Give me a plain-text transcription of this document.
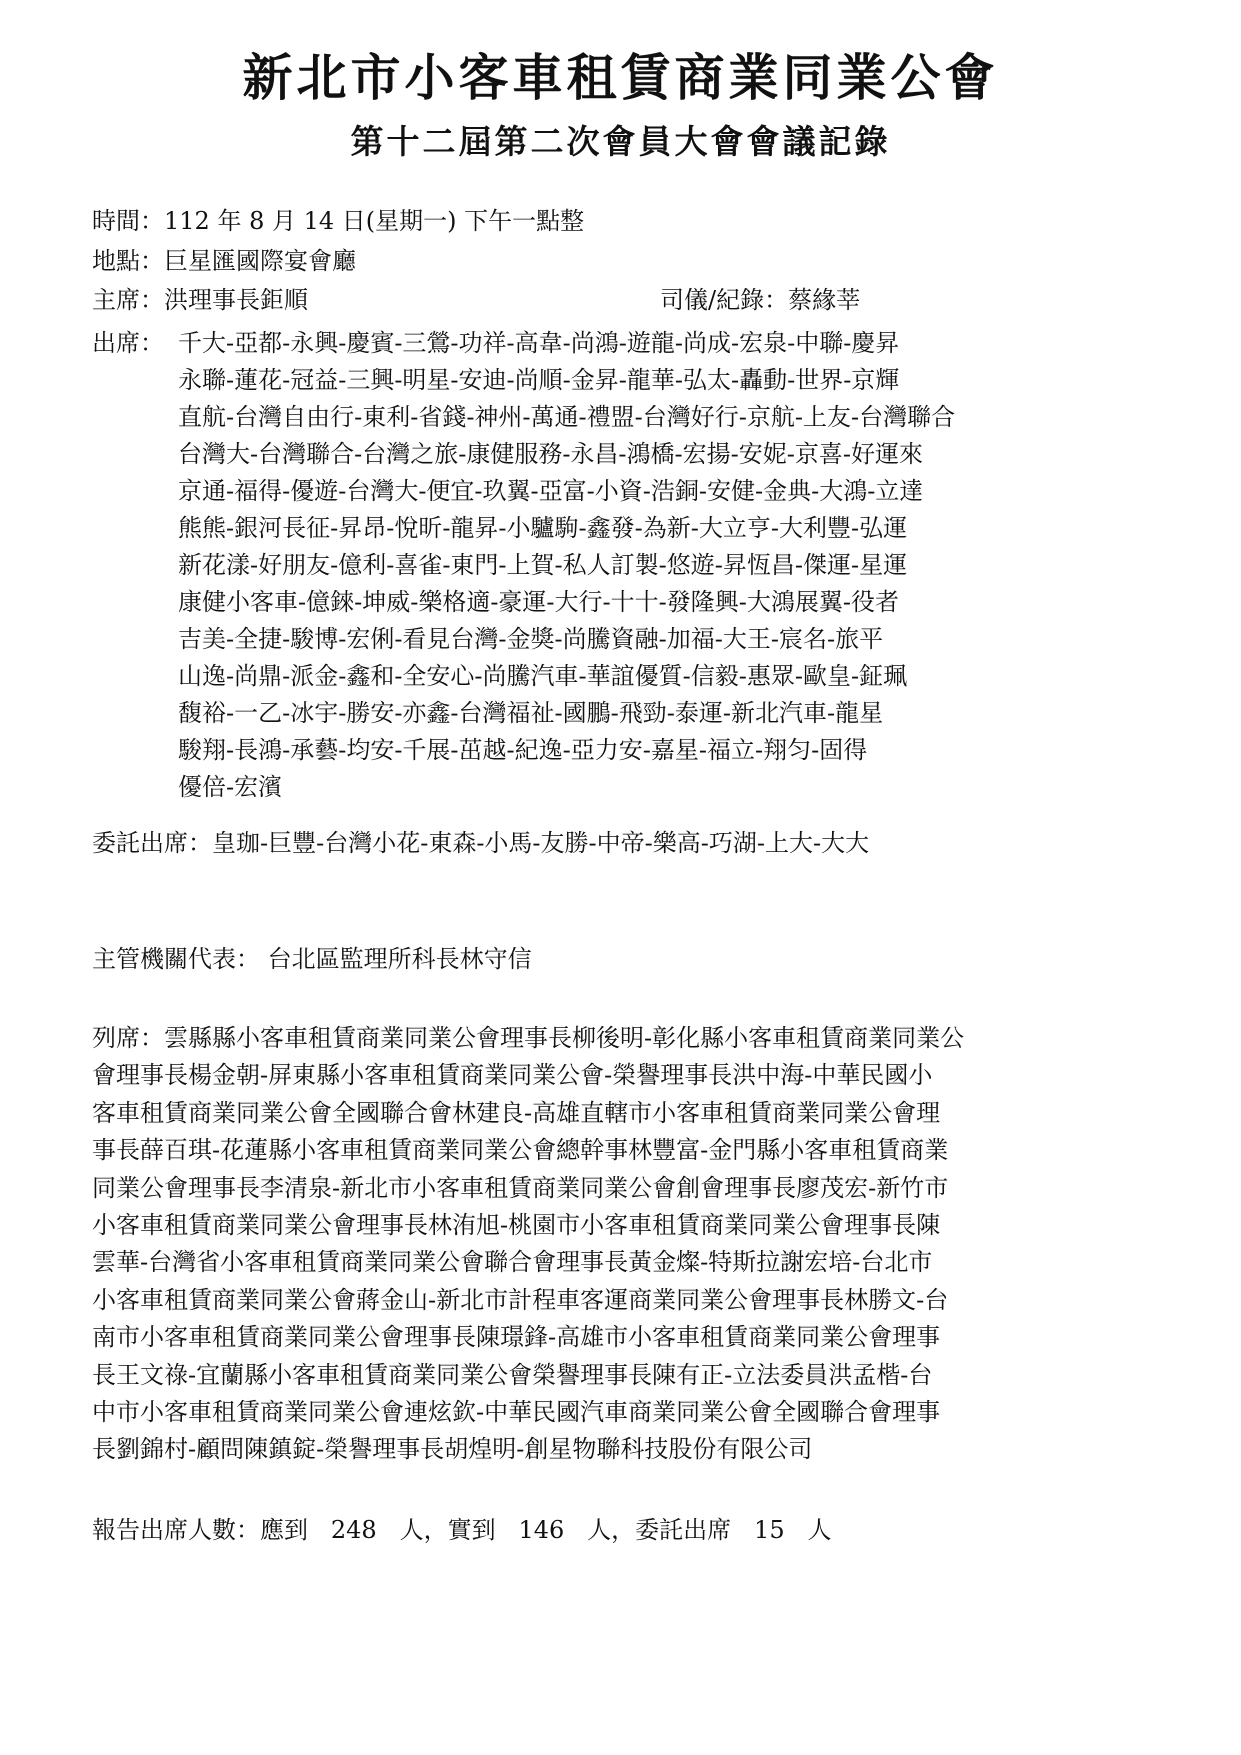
新北市小客車租賃商業同業公會
第十二屆第二次會員大會會議記錄
時間：112 年 8 月 14 日(星期一) 下午一點整
地點：巨星匯國際宴會廳
主席：洪理事長鉅順	司儀/紀錄：蔡緣莘
出席： 千大-亞都-永興-慶賓-三鶯-功祥-高韋-尚鴻-遊龍-尚成-宏泉-中聯-慶昇
永聯-蓮花-冠益-三興-明星-安迪-尚順-金昇-龍華-弘太-轟動-世界-京輝
直航-台灣自由行-東利-省錢-神州-萬通-禮盟-台灣好行-京航-上友-台灣聯合
台灣大-台灣聯合-台灣之旅-康健服務-永昌-鴻橋-宏揚-安妮-京喜-好運來
京通-福得-優遊-台灣大-便宜-玖翼-亞富-小資-浩銅-安健-金典-大鴻-立達
熊熊-銀河長征-昇昂-悅昕-龍昇-小驢駒-鑫發-為新-大立亨-大利豐-弘運
新花漾-好朋友-億利-喜雀-東門-上賀-私人訂製-悠遊-昇恆昌-傑運-星運
康健小客車-億錸-坤威-樂格適-豪運-大行-十十-發隆興-大鴻展翼-役者
吉美-全捷-駿博-宏俐-看見台灣-金獎-尚騰資融-加福-大王-宸名-旅平
山逸-尚鼎-派金-鑫和-全安心-尚騰汽車-華誼優質-信毅-惠眾-歐皇-鉦珮
馥裕-一乙-冰宇-勝安-亦鑫-台灣福祉-國鵬-飛勁-泰運-新北汽車-龍星
駿翔-長鴻-承藝-均安-千展-茁越-紀逸-亞力安-嘉星-福立-翔匀-固得
優倍-宏濱
委託出席：皇珈-巨豐-台灣小花-東森-小馬-友勝-中帝-樂高-巧湖-上大-大大
主管機關代表： 台北區監理所科長林守信
列席：雲縣縣小客車租賃商業同業公會理事長柳後明-彰化縣小客車租賃商業同業公
會理事長楊金朝-屏東縣小客車租賃商業同業公會-榮譽理事長洪中海-中華民國小
客車租賃商業同業公會全國聯合會林建良-高雄直轄市小客車租賃商業同業公會理
事長薛百琪-花蓮縣小客車租賃商業同業公會總幹事林豐富-金門縣小客車租賃商業
同業公會理事長李清泉-新北市小客車租賃商業同業公會創會理事長廖茂宏-新竹市
小客車租賃商業同業公會理事長林洧旭-桃園市小客車租賃商業同業公會理事長陳
雲華-台灣省小客車租賃商業同業公會聯合會理事長黃金燦-特斯拉謝宏培-台北市
小客車租賃商業同業公會蔣金山-新北市計程車客運商業同業公會理事長林勝文-台
南市小客車租賃商業同業公會理事長陳璟鋒-高雄市小客車租賃商業同業公會理事
長王文祿-宜蘭縣小客車租賃商業同業公會榮譽理事長陳有正-立法委員洪孟楷-台
中市小客車租賃商業同業公會連炫欽-中華民國汽車商業同業公會全國聯合會理事
長劉錦村-顧問陳鎮錠-榮譽理事長胡煌明-創星物聯科技股份有限公司
報告出席人數：應到   248   人，實到   146   人，委託出席   15   人
